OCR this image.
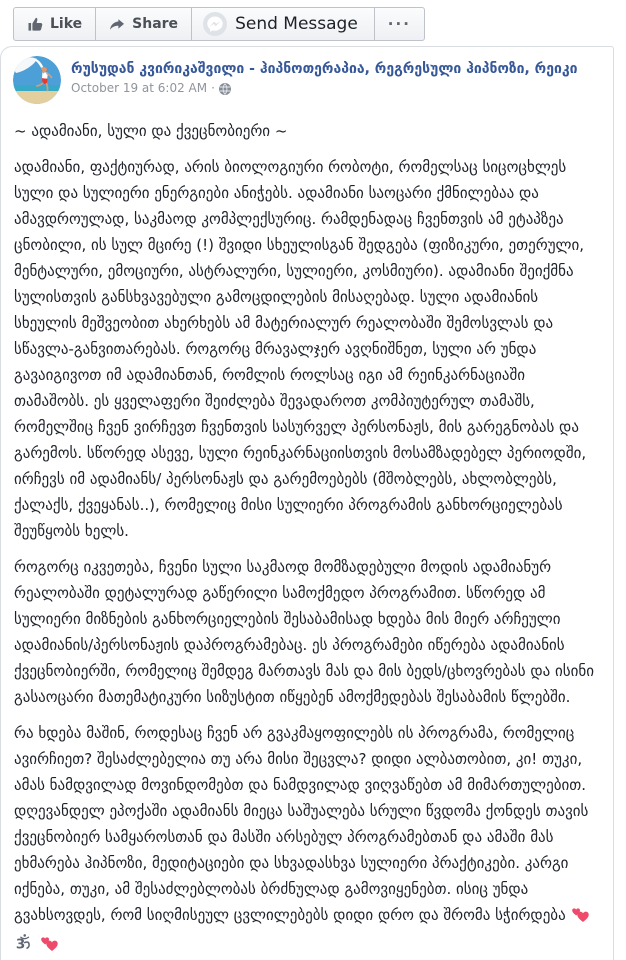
Like	Share	Send Message ...
რუსუდან კვირიკაშვილი - ჰიპნოთერაპია, რეგრესული ჰიპნოზი, რეიკი
October 19 at 6:02 AM ·

~ ადამიანი, სული და ქვეცნობიერი ~

ადამიანი, ფაქტიურად, არის ბიოლოგიური რობოტი, რომელსაც სიცოცხლეს სული და სულიერი ენერგიები ანიჭებს. ადამიანი საოცარი ქმნილებაა და ამავდროულად, საკმაოდ კომპლექსურიც. რამდენადაც ჩვენთვის ამ ეტაპზეა ცნობილი, ის სულ მცირე (!) შვიდი სხეულისგან შედგება (ფიზიკური, ეთერული, მენტალური, ემოციური, ასტრალური, სულიერი, კოსმიური). ადამიანი შეიქმნა სულისთვის განსხვავებული გამოცდილების მისაღებად. სული ადამიანის სხეულის მეშვეობით ახერხებს ამ მატერიალურ რეალობაში შემოსვლას და სწავლა-განვითარებას. როგორც მრავალჯერ ავღნიშნეთ, სული არ უნდა გავაიგივოთ იმ ადამიანთან, რომლის როლსაც იგი ამ რეინკარნაციაში თამაშობს. ეს ყველაფერი შეიძლება შევადაროთ კომპიუტერულ თამაშს, რომელშიც ჩვენ ვირჩევთ ჩვენთვის სასურველ პერსონაჟს, მის გარეგნობას და გარემოს. სწორედ ასევე, სული რეინკარნაციისთვის მოსამზადებელ პერიოდში, ირჩევს იმ ადამიანს/ პერსონაჟს და გარემოებებს (მშობლებს, ახლობლებს, ქალაქს, ქვეყანას..), რომელიც მისი სულიერი პროგრამის განხორციელებას შეუწყობს ხელს.

როგორც იკვეთება, ჩვენი სული საკმაოდ მომზადებული მოდის ადამიანურ რეალობაში დეტალურად გაწერილი სამოქმედო პროგრამით. სწორედ ამ სულიერი მიზნების განხორციელების შესაბამისად ხდება მის მიერ არჩეული ადამიანის/პერსონაჟის დაპროგრამებაც. ეს პროგრამები იწერება ადამიანის ქვეცნობიერში, რომელიც შემდეგ მართავს მას და მის ბედს/ცხოვრებას და ისინი გასაოცარი მათემატიკური სიზუსტით იწყებენ ამოქმედებას შესაბამის წლებში.

რა ხდება მაშინ, როდესაც ჩვენ არ გვაკმაყოფილებს ის პროგრამა, რომელიც ავირჩიეთ? შესაძლებელია თუ არა მისი შეცვლა? დიდი ალბათობით, კი! თუკი, ამას ნამდვილად მოვინდომებთ და ნამდვილად ვიღვაწებთ ამ მიმართულებით. დღევანდელ ეპოქაში ადამიანს მიეცა საშუალება სრული წვდომა ქონდეს თავის ქვეცნობიერ სამყაროსთან და მასში არსებულ პროგრამებთან და ამაში მას ეხმარება ჰიპნოზი, მედიტაციები და სხვადასხვა სულიერი პრაქტიკები. კარგი იქნება, თუკი, ამ შესაძლებლობას ბრძნულად გამოვიყენებთ. ისიც უნდა გვახსოვდეს, რომ სიღმისეულ ცვლილებებს დიდი დრო და შრომა სჭირდება
3
